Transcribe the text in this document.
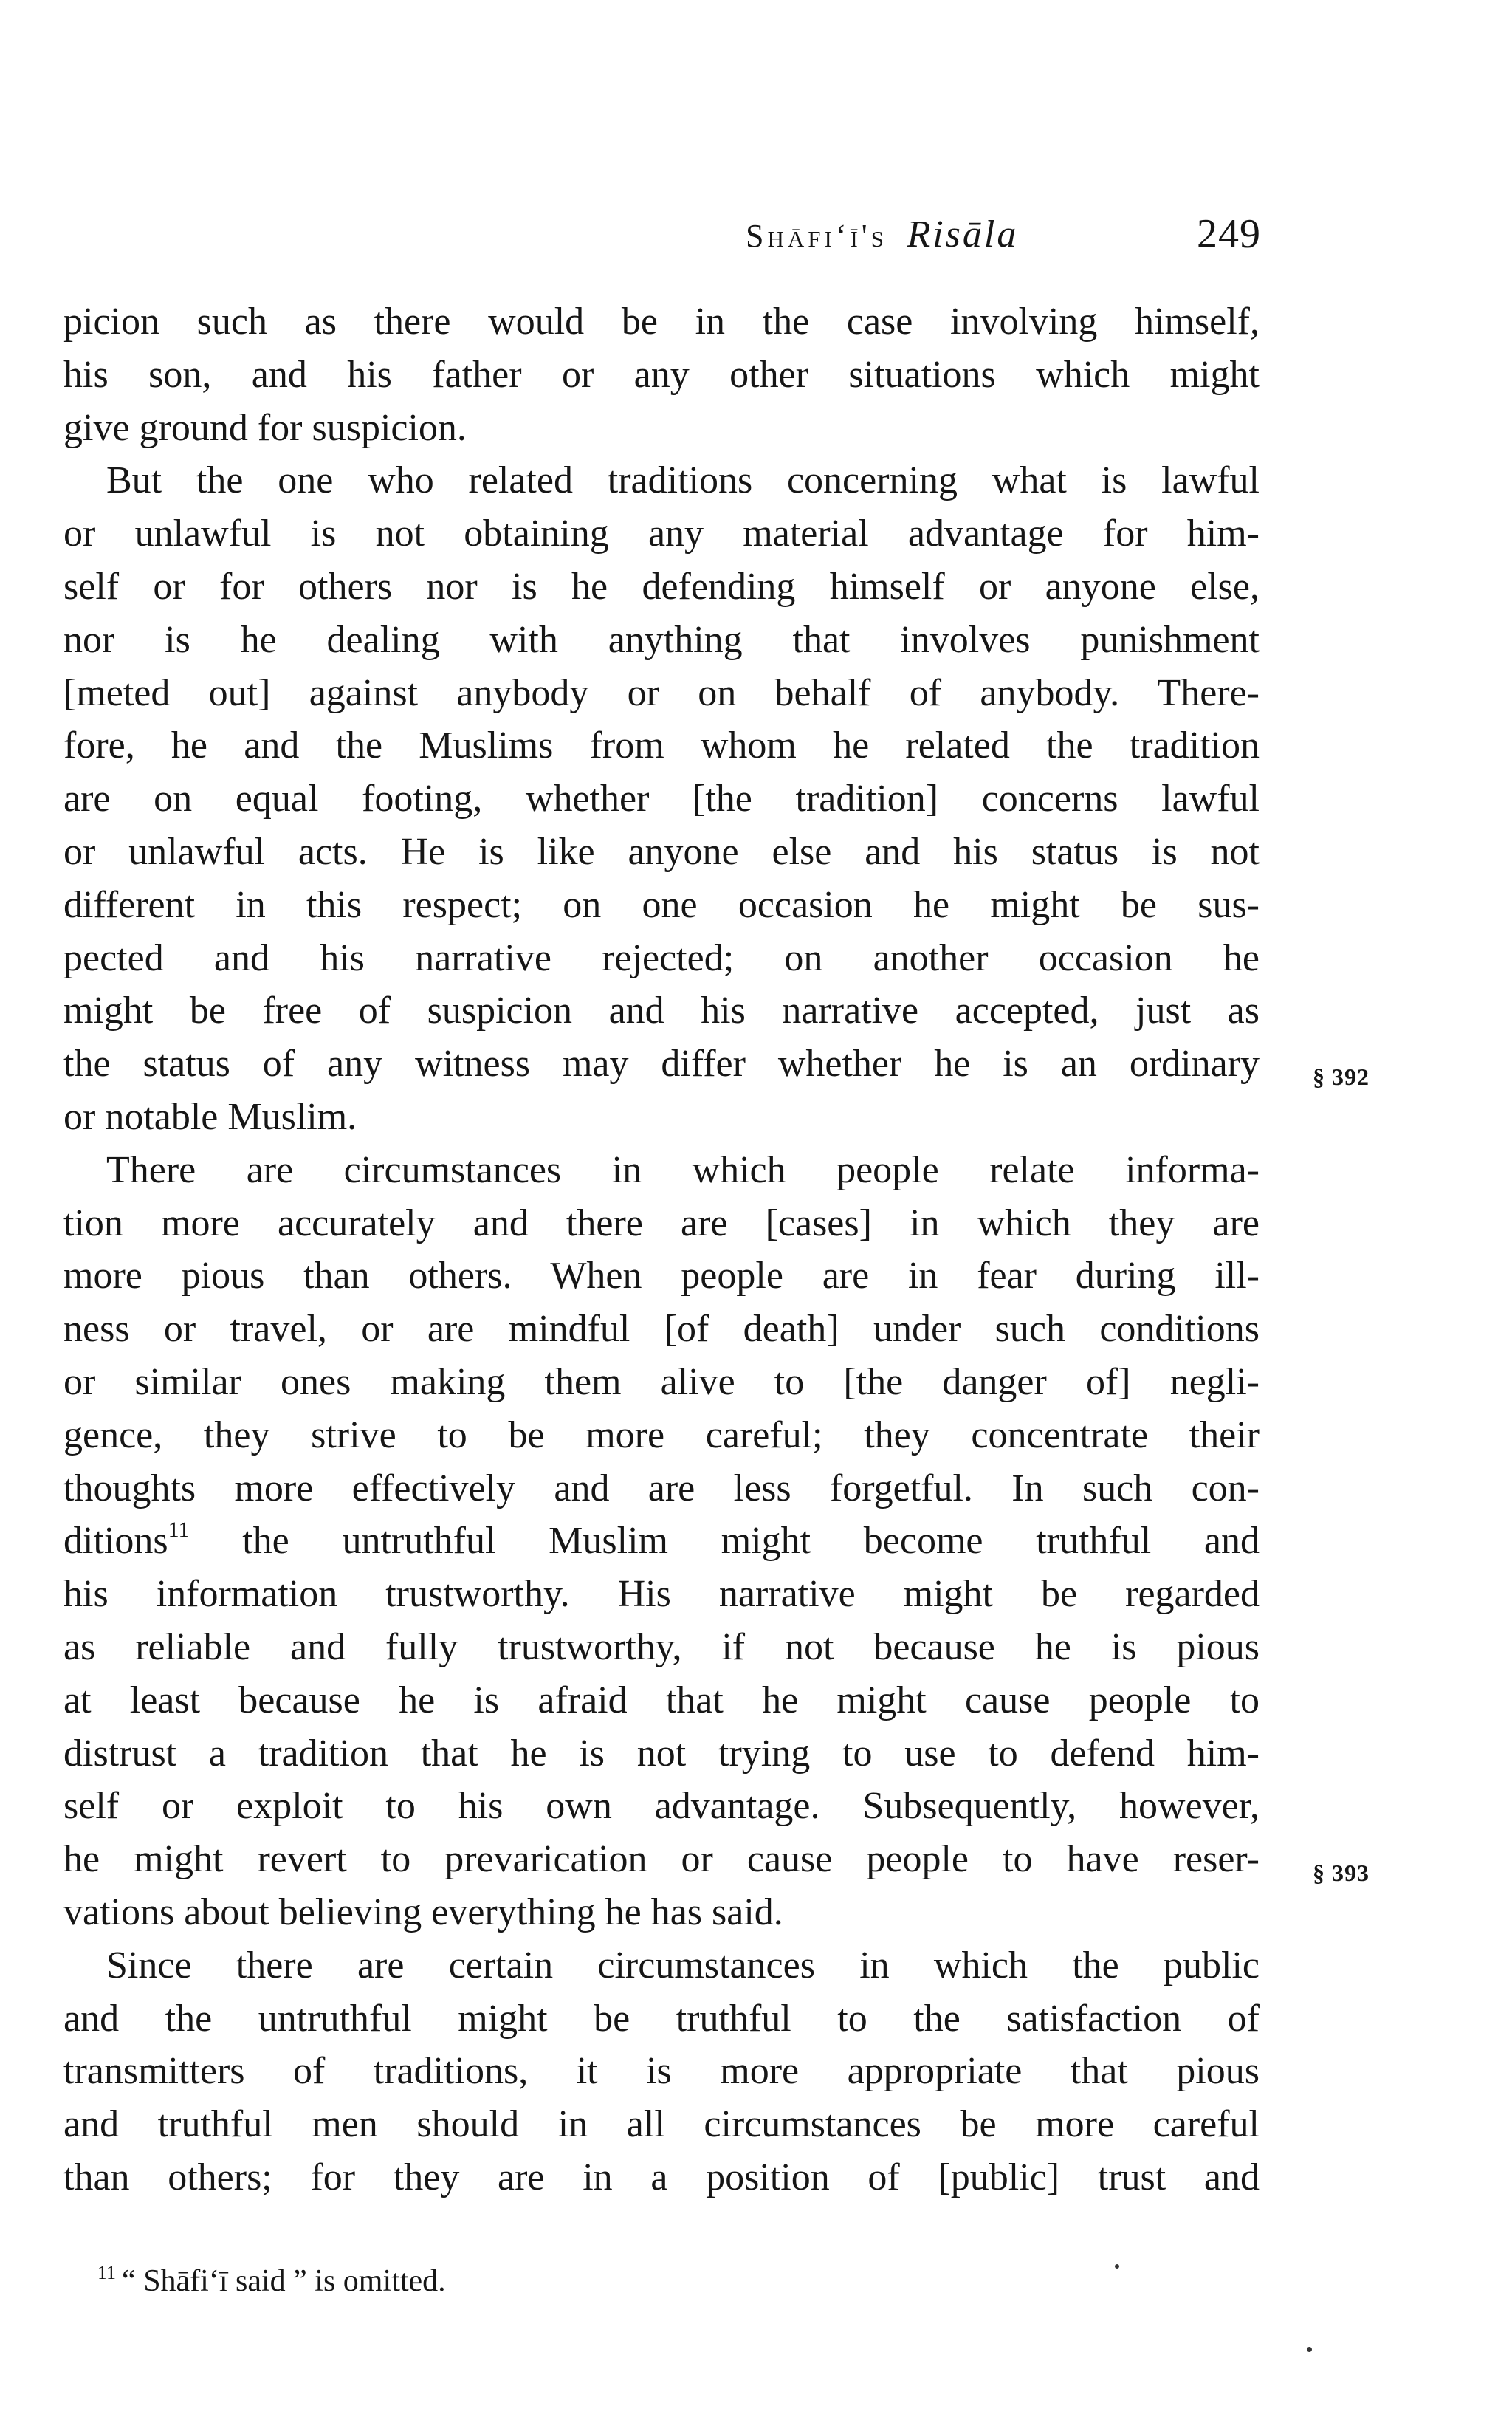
Shāfi‘ī's Risāla	249
picion such as there would be in the case involving himself,
his son, and his father or any other situations which might
give ground for suspicion.
But the one who related traditions concerning what is lawful
or unlawful is not obtaining any material advantage for him-
self or for others nor is he defending himself or anyone else,
nor is he dealing with anything that involves punishment
[meted out] against anybody or on behalf of anybody. There-
fore, he and the Muslims from whom he related the tradition
are on equal footing, whether [the tradition] concerns lawful
or unlawful acts. He is like anyone else and his status is not
different in this respect; on one occasion he might be sus-
pected and his narrative rejected; on another occasion he
might be free of suspicion and his narrative accepted, just as
the status of any witness may differ whether he is an ordinary
or notable Muslim.
There are circumstances in which people relate informa-
tion more accurately and there are [cases] in which they are
more pious than others. When people are in fear during ill-
ness or travel, or are mindful [of death] under such conditions
or similar ones making them alive to [the danger of] negli-
gence, they strive to be more careful; they concentrate their
thoughts more effectively and are less forgetful. In such con-
ditions$^{11}$ the untruthful Muslim might become truthful and
his information trustworthy. His narrative might be regarded
as reliable and fully trustworthy, if not because he is pious
at least because he is afraid that he might cause people to
distrust a tradition that he is not trying to use to defend him-
self or exploit to his own advantage. Subsequently, however,
he might revert to prevarication or cause people to have reser-
vations about believing everything he has said.
Since there are certain circumstances in which the public
and the untruthful might be truthful to the satisfaction of
transmitters of traditions, it is more appropriate that pious
and truthful men should in all circumstances be more careful
than others; for they are in a position of [public] trust and
§ 392
§ 393
$^{11}$ “ Shāfi‘ī said ” is omitted.
